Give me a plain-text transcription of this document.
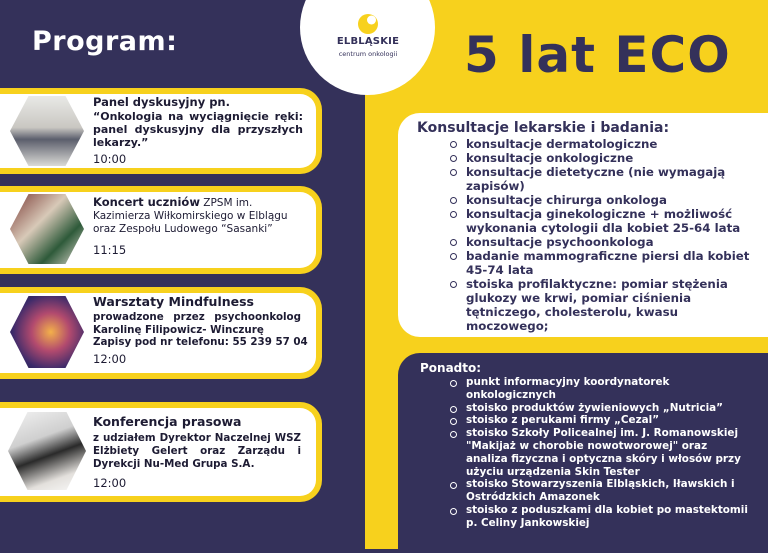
Program:	ELBLĄSKIE
centrum onkologii 5 lat ECO
Panel dyskusyjny pn.
“Onkologia na wyciągnięcie ręki: panel dyskusyjny dla przyszłych lekarzy.”
10:00
Koncert uczniów ZPSM im. Kazimierza Wiłkomirskiego w Elblągu oraz Zespołu Ludowego “Sasanki”
11:15
Warsztaty Mindfulness
prowadzone przez psychoonkolog Karolinę Filipowicz- Winczurę
Zapisy pod nr telefonu: 55 239 57 04
12:00
Konferencja prasowa
z udziałem Dyrektor Naczelnej WSZ Elżbiety Gelert oraz Zarządu i Dyrekcji Nu-Med Grupa S.A.
12:00
Konsultacje lekarskie i badania:
konsultacje dermatologiczne
konsultacje onkologiczne
konsultacje dietetyczne (nie wymagają zapisów)
konsultacje chirurga onkologa
konsultacja ginekologiczne + możliwość wykonania cytologii dla kobiet 25-64 lata
konsultacje psychoonkologa
badanie mammograficzne piersi dla kobiet 45-74 lata
stoiska profilaktyczne: pomiar stężenia glukozy we krwi, pomiar ciśnienia tętniczego, cholesterolu, kwasu moczowego;
Ponadto:
punkt informacyjny koordynatorek onkologicznych
stoisko produktów żywieniowych „Nutricia”
stoisko z perukami firmy „Cezal”
stoisko Szkoły Policealnej im. J. Romanowskiej "Makijaż w chorobie nowotworowej" oraz analiza fizyczna i optyczna skóry i włosów przy użyciu urządzenia Skin Tester
stoisko Stowarzyszenia Elbląskich, Iławskich i Ostródzkich Amazonek
stoisko z poduszkami dla kobiet po mastektomii p. Celiny Jankowskiej
